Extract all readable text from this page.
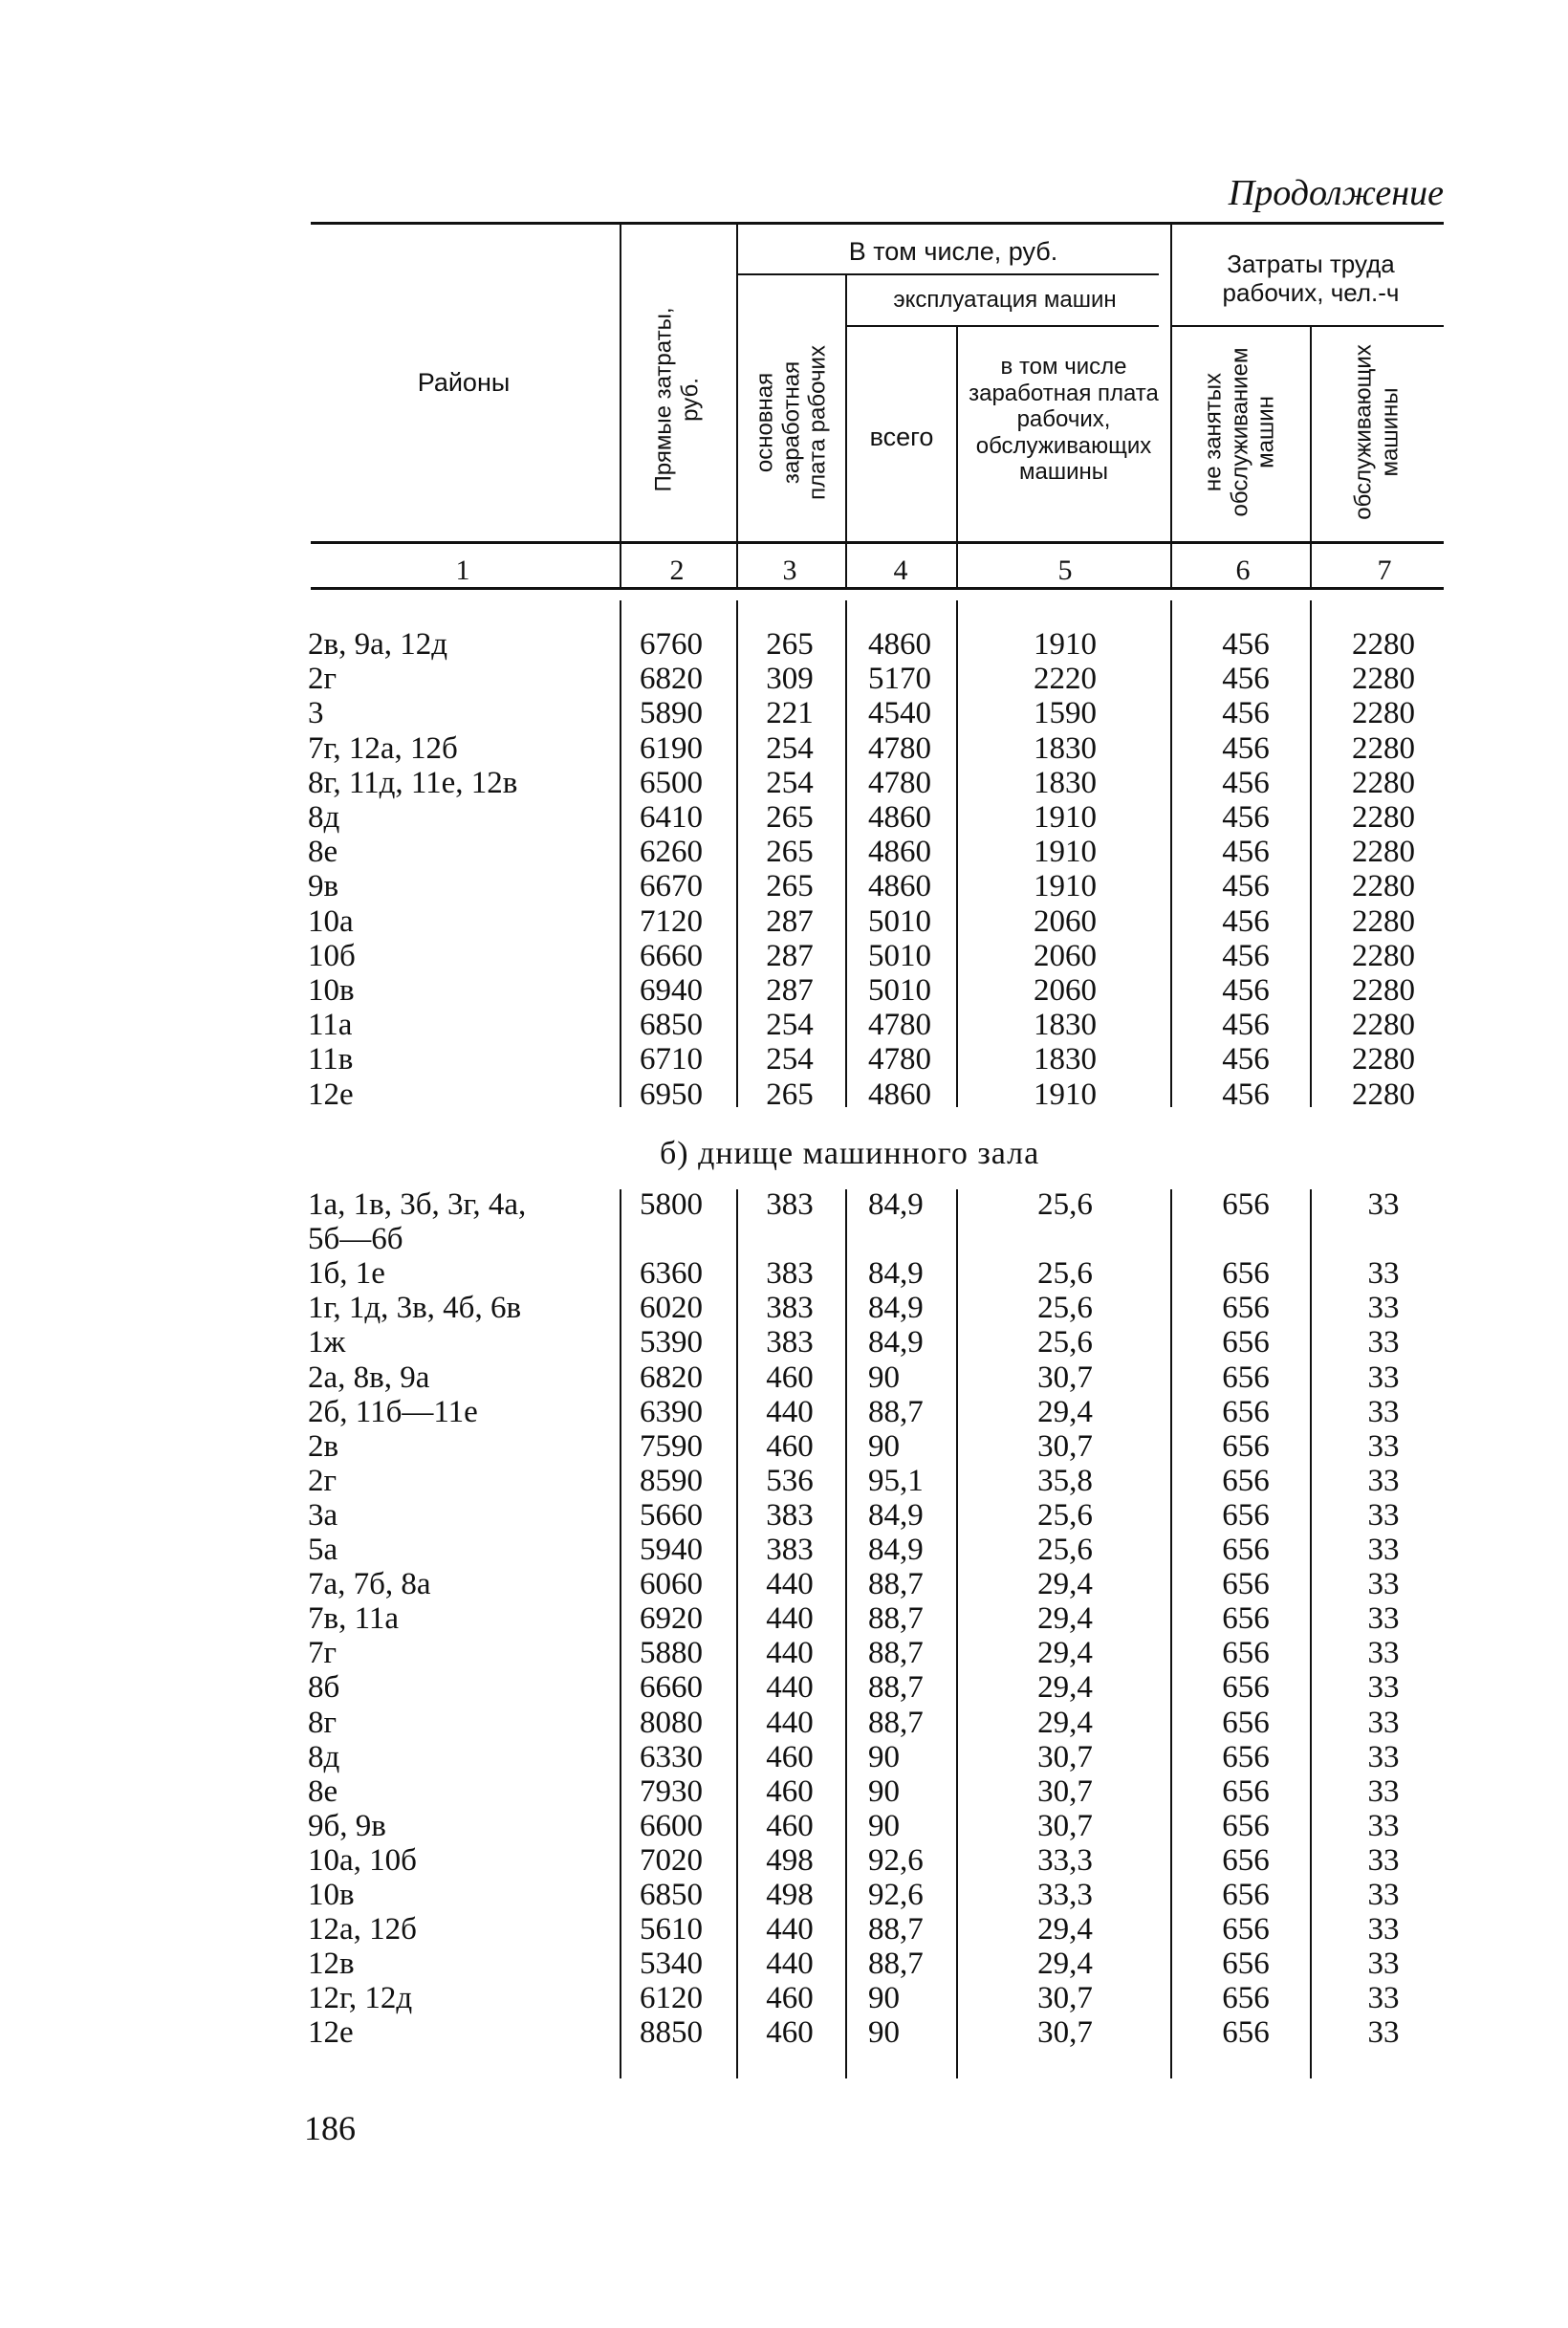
Продолжение
Районы	Прямые затраты, руб.
В том числе, руб.
основная заработная плата рабочих
эксплуатация машин
всего
в том числе заработная плата рабочих, обслуживающих машины
Затраты труда рабочих, чел.-ч
не занятых обслуживанием машин	обслуживающих машины
1	2	3	4	5	6	7
2в, 9а, 12д	6760 265 4860	1910	456	2280
2г	6820 309 5170	2220	456	2280
3	5890 221 4540	1590	456	2280
7г, 12а, 12б	6190 254 4780	1830	456	2280
8г, 11д, 11е, 12в	6500 254 4780	1830	456	2280
8д	6410 265 4860	1910	456	2280
8е	6260 265 4860	1910	456	2280
9в	6670 265 4860	1910	456	2280
10а	7120 287 5010	2060	456	2280
10б	6660 287 5010	2060	456	2280
10в	6940 287 5010	2060	456	2280
11а	6850 254 4780	1830	456	2280
11в	6710 254 4780	1830	456	2280
12е	6950 265 4860	1910	456	2280
б) днище машинного зала
1а, 1в, 3б, 3г, 4а,	5800 383 84,9	25,6	656	33
5б—6б
1б, 1е	6360 383 84,9	25,6	656	33
1г, 1д, 3в, 4б, 6в	6020 383 84,9	25,6	656	33
1ж	5390 383 84,9	25,6	656	33
2а, 8в, 9а	6820 460 90	30,7	656	33
2б, 11б—11е	6390 440 88,7	29,4	656	33
2в	7590 460 90	30,7	656	33
2г	8590 536 95,1	35,8	656	33
3а	5660 383 84,9	25,6	656	33
5а	5940 383 84,9	25,6	656	33
7а, 7б, 8а	6060 440 88,7	29,4	656	33
7в, 11а	6920 440 88,7	29,4	656	33
7г	5880 440 88,7	29,4	656	33
8б	6660 440 88,7	29,4	656	33
8г	8080 440 88,7	29,4	656	33
8д	6330 460 90	30,7	656	33
8е	7930 460 90	30,7	656	33
9б, 9в	6600 460 90	30,7	656	33
10а, 10б	7020 498 92,6	33,3	656	33
10в	6850 498 92,6	33,3	656	33
12а, 12б	5610 440 88,7	29,4	656	33
12в	5340 440 88,7	29,4	656	33
12г, 12д	6120 460 90	30,7	656	33
12е	8850 460 90	30,7	656	33
186
